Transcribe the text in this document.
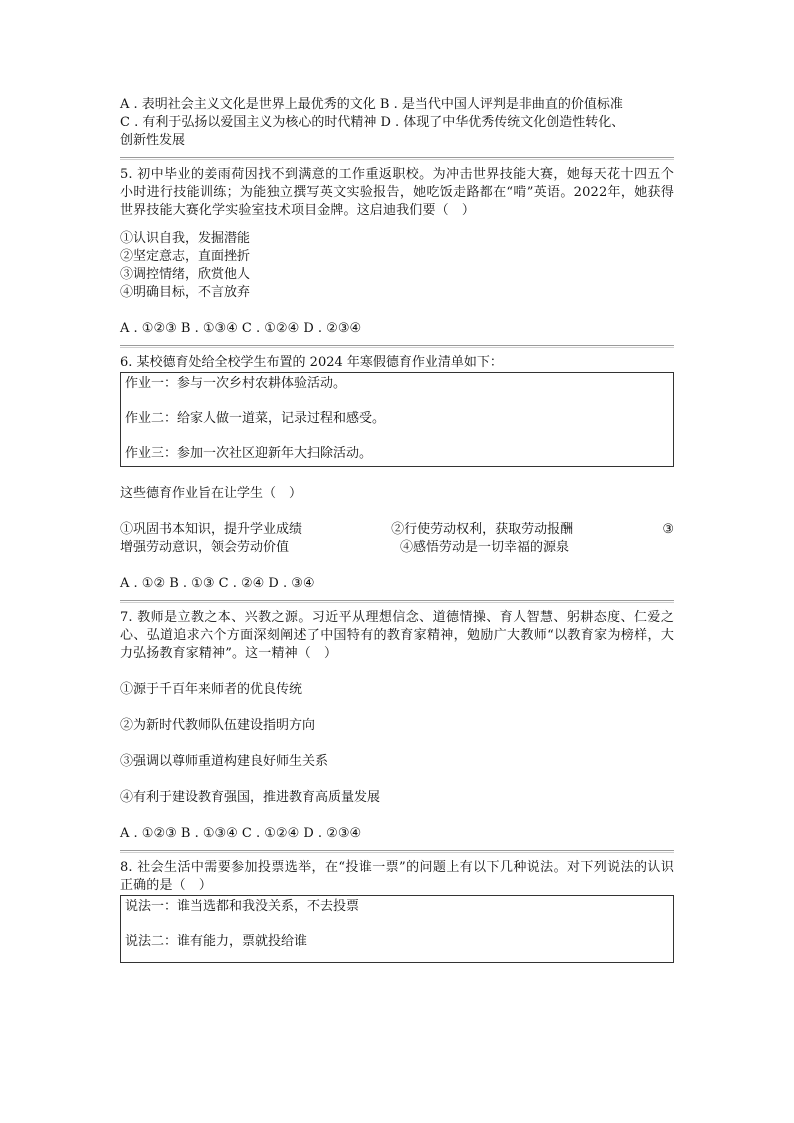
A . 表明社会主义文化是世界上最优秀的文化 B . 是当代中国人评判是非曲直的价值标准
C . 有利于弘扬以爱国主义为核心的时代精神 D . 体现了中华优秀传统文化创造性转化、
创新性发展
5. 初中毕业的姜雨荷因找不到满意的工作重返职校。为冲击世界技能大赛，她每天花十四五个小时进行技能训练；为能独立撰写英文实验报告，她吃饭走路都在“啃”英语。2022年，她获得世界技能大赛化学实验室技术项目金牌。这启迪我们要（　）
①认识自我，发掘潜能
②坚定意志，直面挫折
③调控情绪，欣赏他人
④明确目标，不言放弃
A . ①②③ B . ①③④ C . ①②④ D . ②③④
6. 某校德育处给全校学生布置的 2024 年寒假德育作业清单如下：
作业一：参与一次乡村农耕体验活动。
作业二：给家人做一道菜，记录过程和感受。
作业三：参加一次社区迎新年大扫除活动。
这些德育作业旨在让学生（　）
①巩固书本知识，提升学业成绩	②行使劳动权利，获取劳动报酬	③
增强劳动意识，领会劳动价值	④感悟劳动是一切幸福的源泉
A . ①② B . ①③ C . ②④ D . ③④
7. 教师是立教之本、兴教之源。习近平从理想信念、道德情操、育人智慧、躬耕态度、仁爱之心、弘道追求六个方面深刻阐述了中国特有的教育家精神，勉励广大教师“以教育家为榜样，大力弘扬教育家精神”。这一精神（　）
①源于千百年来师者的优良传统
②为新时代教师队伍建设指明方向
③强调以尊师重道构建良好师生关系
④有利于建设教育强国，推进教育高质量发展
A . ①②③ B . ①③④ C . ①②④ D . ②③④
8. 社会生活中需要参加投票选举，在“投谁一票”的问题上有以下几种说法。对下列说法的认识正确的是（　）
说法一：谁当选都和我没关系，不去投票
说法二：谁有能力，票就投给谁
